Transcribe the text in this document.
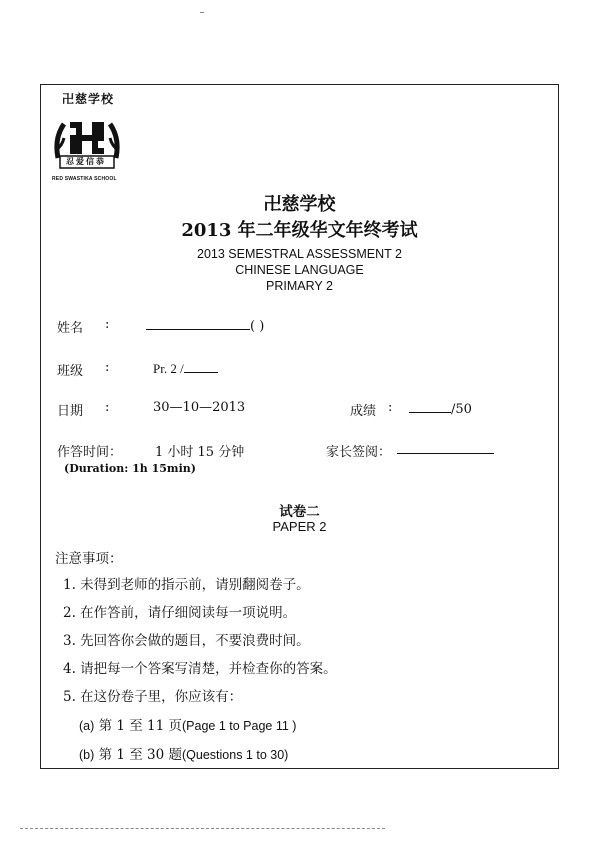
卍慈学校
忍爱信恭
RED SWASTIKA SCHOOL
卍慈学校
2013 年二年级华文年终考试
2013 SEMESTRAL ASSESSMENT 2
CHINESE LANGUAGE
PRIMARY 2
姓名 :	( )
班级 :	Pr. 2 /
日期 :	30—10—2013	成绩 :	/50
作答时间：	1 小时 15 分钟	家长签阅：
(Duration: 1h 15min)
试卷二
PAPER 2
注意事项：
1. 未得到老师的指示前，请别翻阅卷子。
2. 在作答前，请仔细阅读每一项说明。
3. 先回答你会做的题目，不要浪费时间。
4. 请把每一个答案写清楚，并检查你的答案。
5. 在这份卷子里，你应该有：
(a) 第 1 至 11 页(Page 1 to Page 11 )
(b) 第 1 至 30 题(Questions 1 to 30)
